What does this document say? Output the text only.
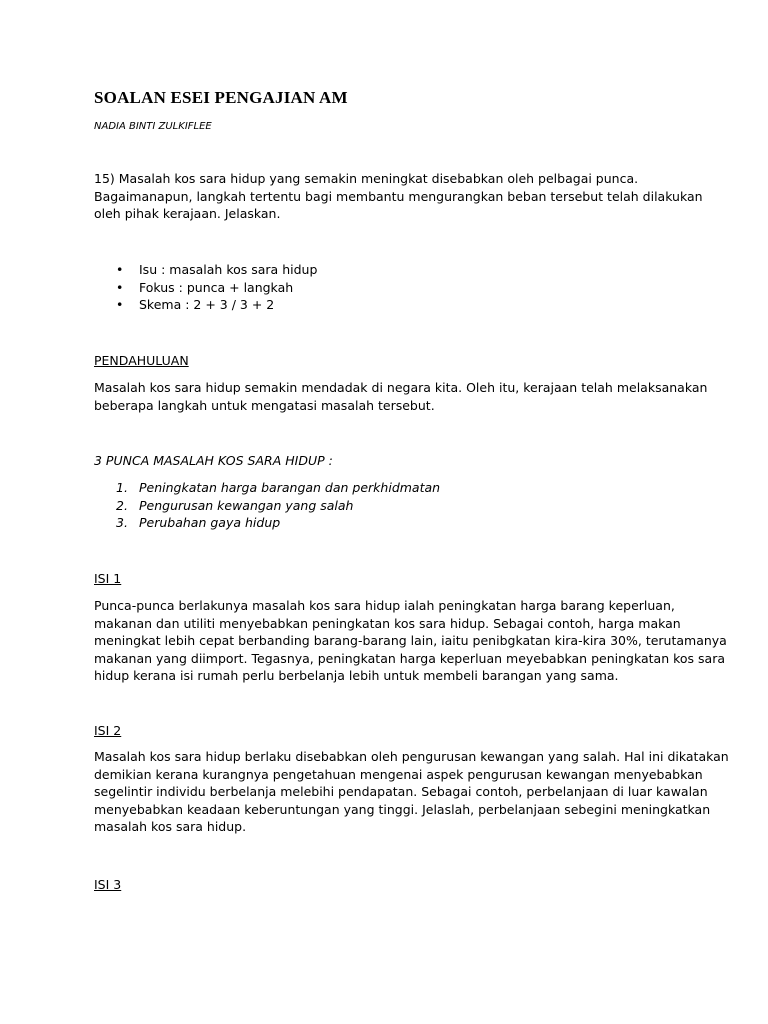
SOALAN ESEI PENGAJIAN AM
NADIA BINTI ZULKIFLEE
15) Masalah kos sara hidup yang semakin meningkat disebabkan oleh pelbagai punca.
Bagaimanapun, langkah tertentu bagi membantu mengurangkan beban tersebut telah dilakukan
oleh pihak kerajaan. Jelaskan.
• Isu : masalah kos sara hidup
• Fokus : punca + langkah
• Skema : 2 + 3 / 3 + 2
PENDAHULUAN
Masalah kos sara hidup semakin mendadak di negara kita. Oleh itu, kerajaan telah melaksanakan
beberapa langkah untuk mengatasi masalah tersebut.
3 PUNCA MASALAH KOS SARA HIDUP :
1. Peningkatan harga barangan dan perkhidmatan
2. Pengurusan kewangan yang salah
3. Perubahan gaya hidup
ISI 1
Punca-punca berlakunya masalah kos sara hidup ialah peningkatan harga barang keperluan,
makanan dan utiliti menyebabkan peningkatan kos sara hidup. Sebagai contoh, harga makan
meningkat lebih cepat berbanding barang-barang lain, iaitu penibgkatan kira-kira 30%, terutamanya
makanan yang diimport. Tegasnya, peningkatan harga keperluan meyebabkan peningkatan kos sara
hidup kerana isi rumah perlu berbelanja lebih untuk membeli barangan yang sama.
ISI 2
Masalah kos sara hidup berlaku disebabkan oleh pengurusan kewangan yang salah. Hal ini dikatakan
demikian kerana kurangnya pengetahuan mengenai aspek pengurusan kewangan menyebabkan
segelintir individu berbelanja melebihi pendapatan. Sebagai contoh, perbelanjaan di luar kawalan
menyebabkan keadaan keberuntungan yang tinggi. Jelaslah, perbelanjaan sebegini meningkatkan
masalah kos sara hidup.
ISI 3
